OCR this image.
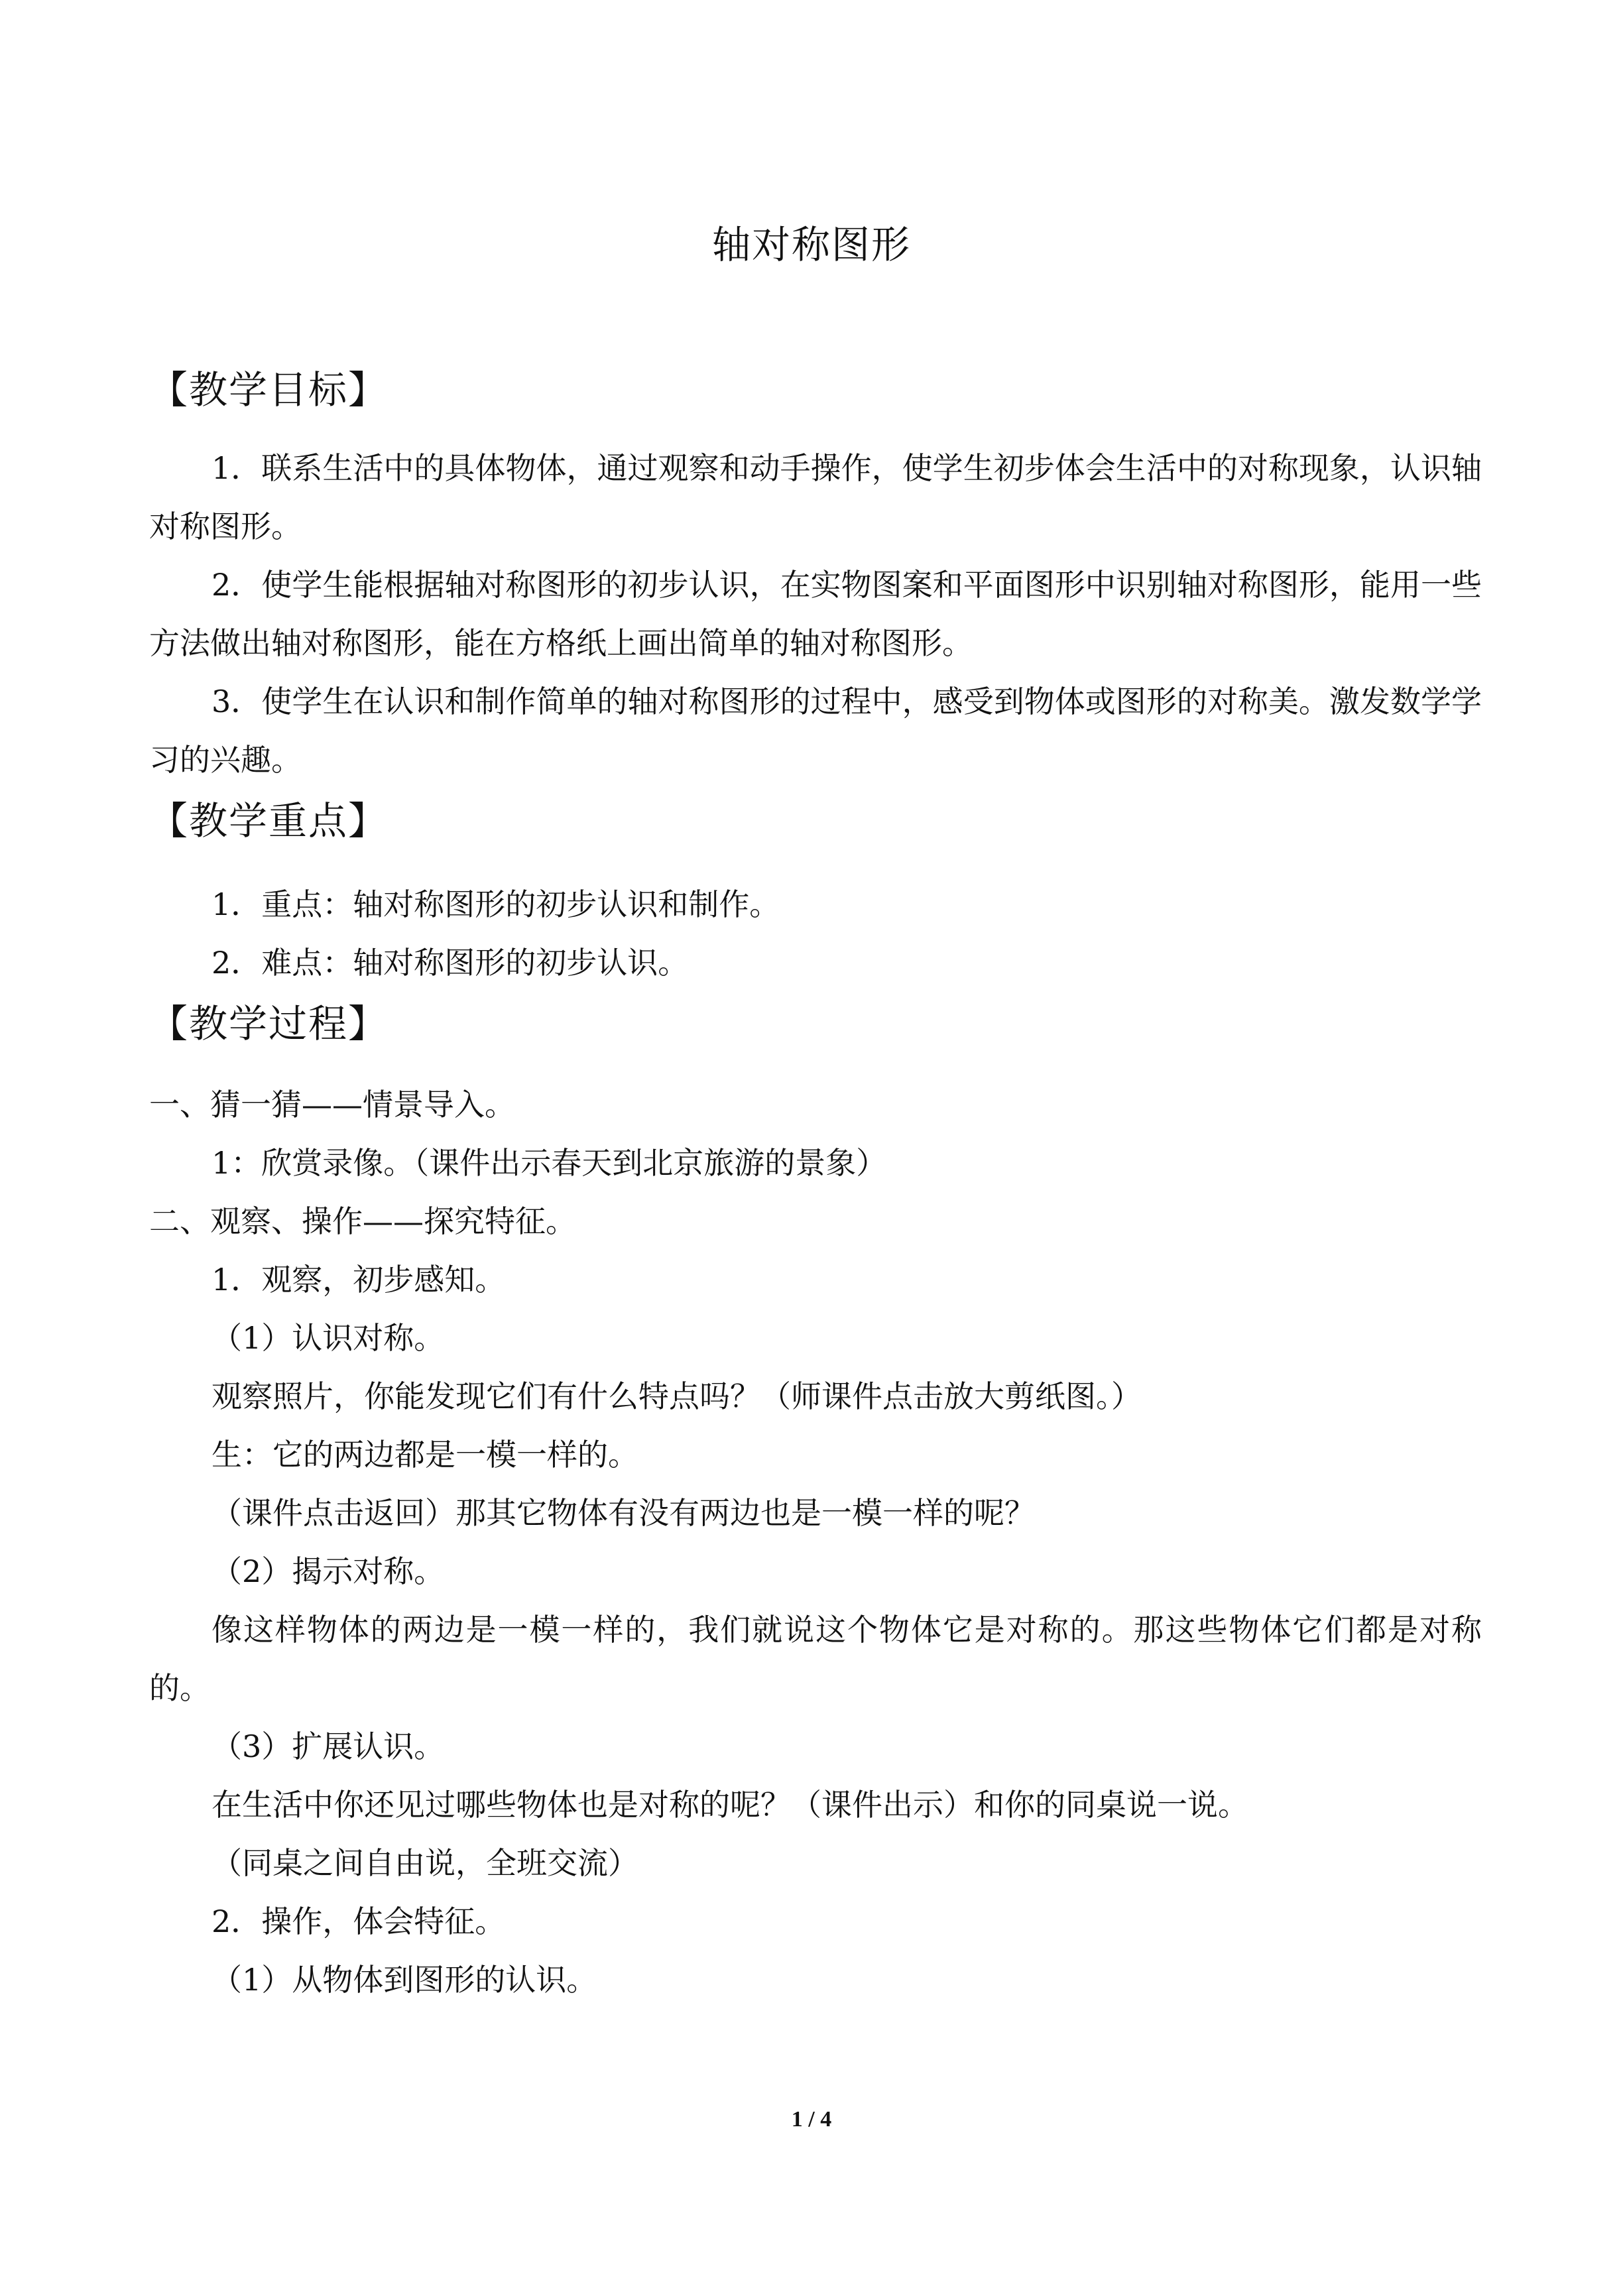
轴对称图形

【教学目标】

1．联系生活中的具体物体，通过观察和动手操作，使学生初步体会生活中的对称现象，认识轴对称图形。

2．使学生能根据轴对称图形的初步认识，在实物图案和平面图形中识别轴对称图形，能用一些方法做出轴对称图形，能在方格纸上画出简单的轴对称图形。

3．使学生在认识和制作简单的轴对称图形的过程中，感受到物体或图形的对称美。激发数学学习的兴趣。

【教学重点】

1．重点：轴对称图形的初步认识和制作。

2．难点：轴对称图形的初步认识。

【教学过程】

一、猜一猜——情景导入。

1：欣赏录像。（课件出示春天到北京旅游的景象）

二、观察、操作——探究特征。

1．观察，初步感知。

（1）认识对称。

观察照片，你能发现它们有什么特点吗？（师课件点击放大剪纸图。）

生：它的两边都是一模一样的。

（课件点击返回）那其它物体有没有两边也是一模一样的呢？

（2）揭示对称。

像这样物体的两边是一模一样的，我们就说这个物体它是对称的。那这些物体它们都是对称的。

（3）扩展认识。

在生活中你还见过哪些物体也是对称的呢？（课件出示）和你的同桌说一说。

（同桌之间自由说，全班交流）

2．操作，体会特征。

（1）从物体到图形的认识。

1 / 4
